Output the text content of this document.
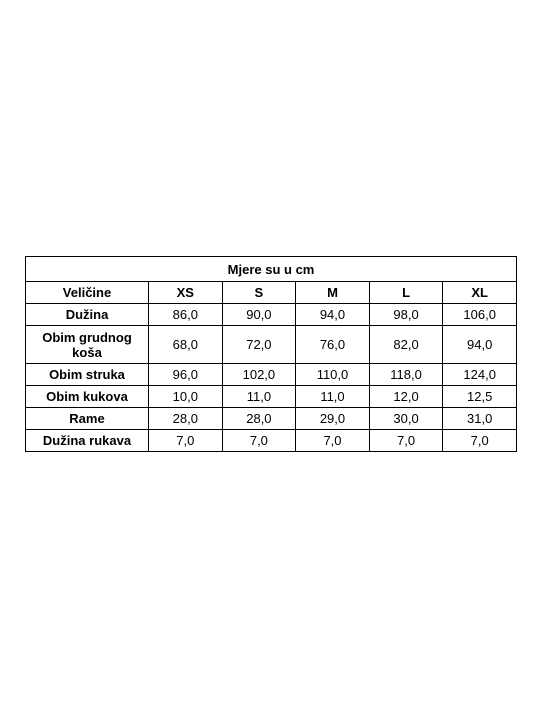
Mjere su u cm					
Veličine	XS	S	M	L	XL
Dužina	86,0	90,0	94,0	98,0	106,0
Obim grudnog koša	68,0	72,0	76,0	82,0	94,0
Obim struka	96,0	102,0	110,0	118,0	124,0
Obim kukova	10,0	11,0	11,0	12,0	12,5
Rame	28,0	28,0	29,0	30,0	31,0
Dužina rukava	7,0	7,0	7,0	7,0	7,0
